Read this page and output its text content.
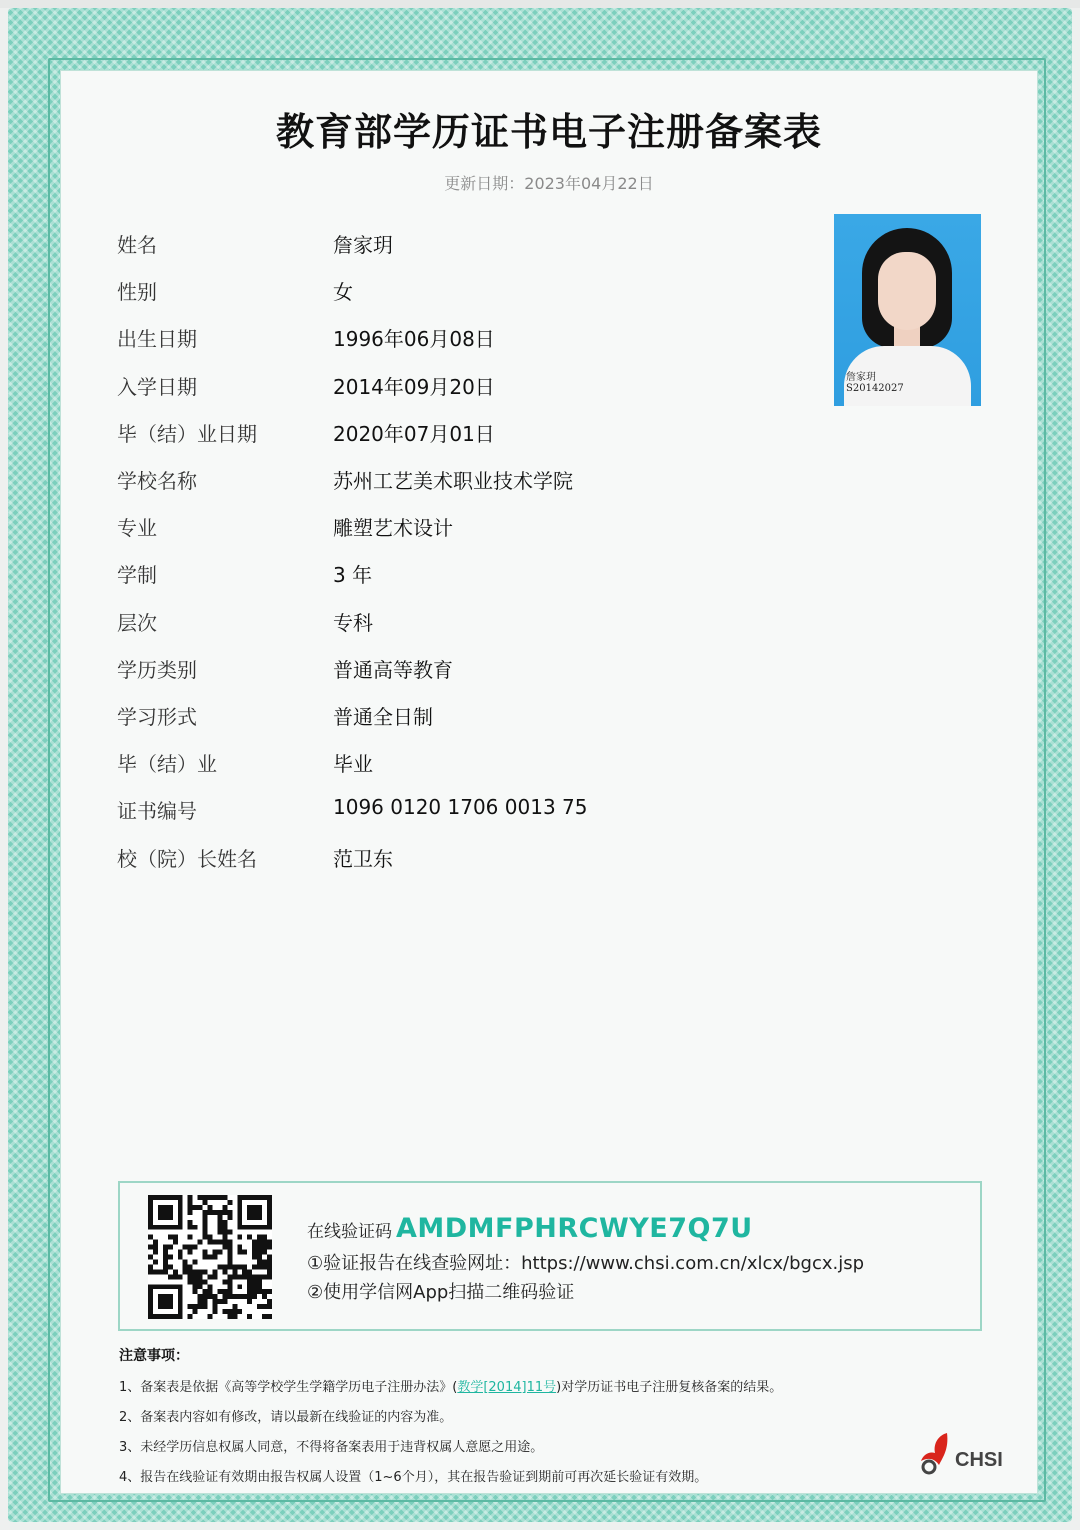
教育部学历证书电子注册备案表
更新日期：2023年04月22日
姓名	詹家玥
性别	女
出生日期	1996年06月08日
入学日期	2014年09月20日
毕（结）业日期	2020年07月01日
学校名称	苏州工艺美术职业技术学院
专业	雕塑艺术设计
学制	3 年
层次	专科
学历类别	普通高等教育
学习形式	普通全日制
毕（结）业	毕业
证书编号	1096 0120 1706 0013 75
校（院）长姓名	范卫东
詹家玥
S20142027
在线验证码 AMDMFPHRCWYE7Q7U
①验证报告在线查验网址：https://www.chsi.com.cn/xlcx/bgcx.jsp
②使用学信网App扫描二维码验证
注意事项：
1、备案表是依据《高等学校学生学籍学历电子注册办法》(教学[2014]11号)对学历证书电子注册复核备案的结果。
2、备案表内容如有修改，请以最新在线验证的内容为准。
3、未经学历信息权属人同意，不得将备案表用于违背权属人意愿之用途。
4、报告在线验证有效期由报告权属人设置（1~6个月），其在报告验证到期前可再次延长验证有效期。
CHSI
